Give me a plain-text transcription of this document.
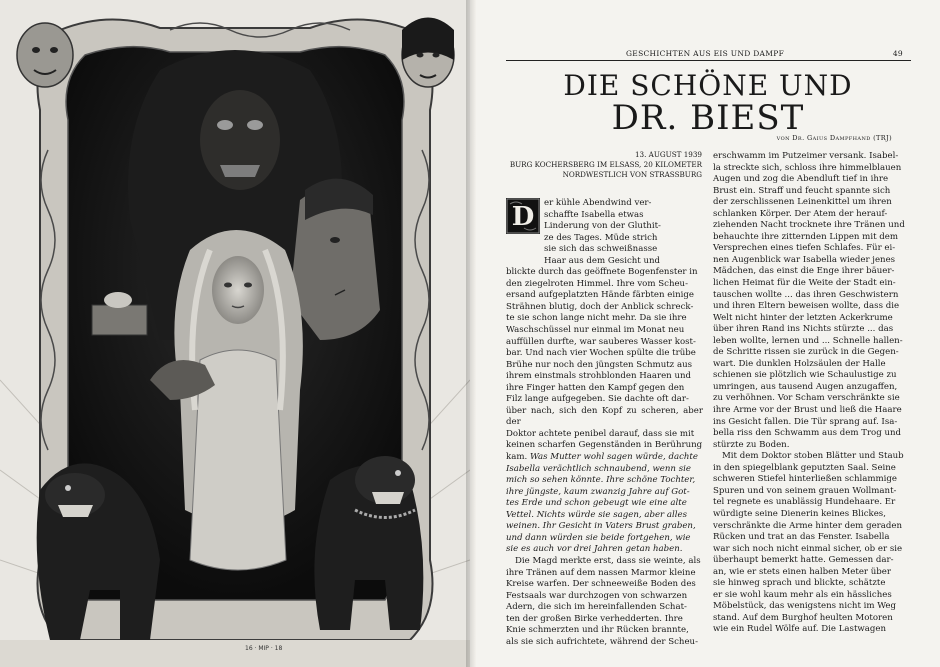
16 · MIP · 18
GESCHICHTEN AUS EIS UND DAMPF	49
DIE SCHÖNE UND
DR. BIEST
von Dr. Gaius Dampfhand (TRJ)
13. AUGUST 1939
BURG KOCHERSBERG IM ELSASS, 20 KILOMETER
NORDWESTLICH VON STRASSBURG
D	er kühle Abendwind ver-
schaffte Isabella etwas
Linderung von der Gluthit-
ze des Tages. Müde strich
sie sich das schweißnasse
Haar aus dem Gesicht und
blickte durch das geöffnete Bogenfenster in
den ziegelroten Himmel. Ihre vom Scheu-
ersand aufgeplatzten Hände färbten einige
Strähnen blutig, doch der Anblick schreck-
te sie schon lange nicht mehr. Da sie ihre
Waschschüssel nur einmal im Monat neu
auffüllen durfte, war sauberes Wasser kost-
bar. Und nach vier Wochen spülte die trübe
Brühe nur noch den jüngsten Schmutz aus
ihrem einstmals strohblonden Haaren und
ihre Finger hatten den Kampf gegen den
Filz lange aufgegeben. Sie dachte oft dar-
über nach, sich den Kopf zu scheren, aber der
Doktor achtete penibel darauf, dass sie mit
keinen scharfen Gegenständen in Berührung
kam. Was Mutter wohl sagen würde, dachte
Isabella verächtlich schnaubend, wenn sie
mich so sehen könnte. Ihre schöne Tochter,
ihre jüngste, kaum zwanzig Jahre auf Got-
tes Erde und schon gebeugt wie eine alte
Vettel. Nichts würde sie sagen, aber alles
weinen. Ihr Gesicht in Vaters Brust graben,
und dann würden sie beide fortgehen, wie
sie es auch vor drei Jahren getan haben.
Die Magd merkte erst, dass sie weinte, als
ihre Tränen auf dem nassen Marmor kleine
Kreise warfen. Der schneeweiße Boden des
Festsaals war durchzogen von schwarzen
Adern, die sich im hereinfallenden Schat-
ten der großen Birke verhedderten. Ihre
Knie schmerzten und ihr Rücken brannte,
als sie sich aufrichtete, während der Scheu-
erschwamm im Putzeimer versank. Isabel-
la streckte sich, schloss ihre himmelblauen
Augen und zog die Abendluft tief in ihre
Brust ein. Straff und feucht spannte sich
der zerschlissenen Leinenkittel um ihren
schlanken Körper. Der Atem der herauf-
ziehenden Nacht trocknete ihre Tränen und
behauchte ihre zitternden Lippen mit dem
Versprechen eines tiefen Schlafes. Für ei-
nen Augenblick war Isabella wieder jenes
Mädchen, das einst die Enge ihrer bäuer-
lichen Heimat für die Weite der Stadt ein-
tauschen wollte ... das ihren Geschwistern
und ihren Eltern beweisen wollte, dass die
Welt nicht hinter der letzten Ackerkrume
über ihren Rand ins Nichts stürzte ... das
leben wollte, lernen und ... Schnelle hallen-
de Schritte rissen sie zurück in die Gegen-
wart. Die dunklen Holzsäulen der Halle
schienen sie plötzlich wie Schaulustige zu
umringen, aus tausend Augen anzugaffen,
zu verhöhnen. Vor Scham verschränkte sie
ihre Arme vor der Brust und ließ die Haare
ins Gesicht fallen. Die Tür sprang auf. Isa-
bella riss den Schwamm aus dem Trog und
stürzte zu Boden.
Mit dem Doktor stoben Blätter und Staub
in den spiegelblank geputzten Saal. Seine
schweren Stiefel hinterließen schlammige
Spuren und von seinem grauen Wollmant-
tel regnete es unablässig Hundehaare. Er
würdigte seine Dienerin keines Blickes,
verschränkte die Arme hinter dem geraden
Rücken und trat an das Fenster. Isabella
war sich noch nicht einmal sicher, ob er sie
überhaupt bemerkt hatte. Gemessen dar-
an, wie er stets einen halben Meter über
sie hinweg sprach und blickte, schätzte
er sie wohl kaum mehr als ein hässliches
Möbelstück, das wenigstens nicht im Weg
stand. Auf dem Burghof heulten Motoren
wie ein Rudel Wölfe auf. Die Lastwagen
